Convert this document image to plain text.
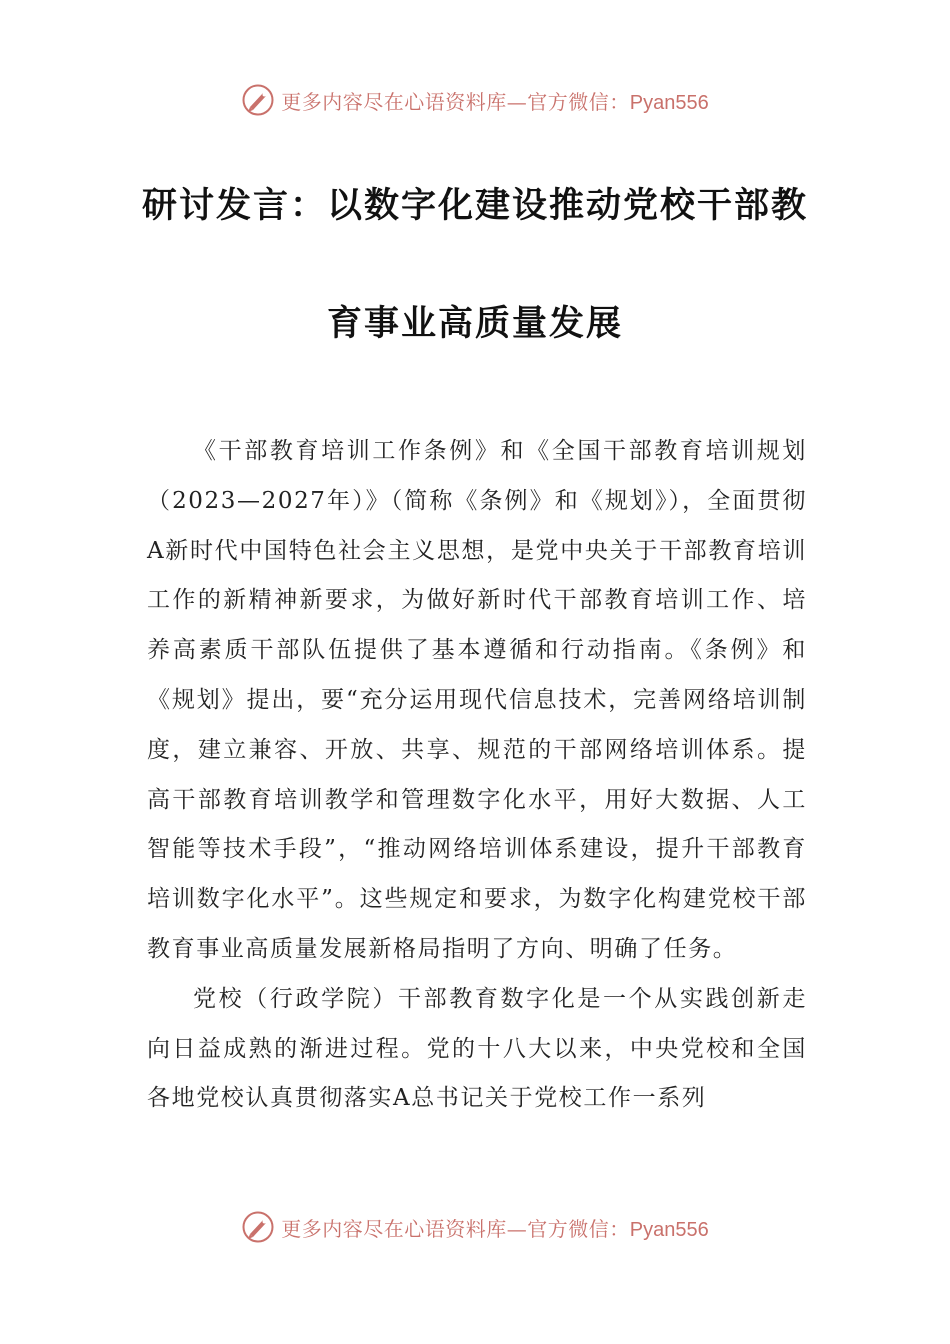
更多内容尽在心语资料库—官方微信：Pyan556
研讨发言：以数字化建设推动党校干部教
育事业高质量发展

《干部教育培训工作条例》和《全国干部教育培训规划（2023—2027年）》（简称《条例》和《规划》），全面贯彻A新时代中国特色社会主义思想，是党中央关于干部教育培训工作的新精神新要求，为做好新时代干部教育培训工作、培养高素质干部队伍提供了基本遵循和行动指南。《条例》和《规划》提出，要“充分运用现代信息技术，完善网络培训制度，建立兼容、开放、共享、规范的干部网络培训体系。提高干部教育培训教学和管理数字化水平，用好大数据、人工智能等技术手段”，“推动网络培训体系建设，提升干部教育培训数字化水平”。这些规定和要求，为数字化构建党校干部教育事业高质量发展新格局指明了方向、明确了任务。

党校（行政学院）干部教育数字化是一个从实践创新走向日益成熟的渐进过程。党的十八大以来，中央党校和全国各地党校认真贯彻落实A总书记关于党校工作一系列

更多内容尽在心语资料库—官方微信：Pyan556
